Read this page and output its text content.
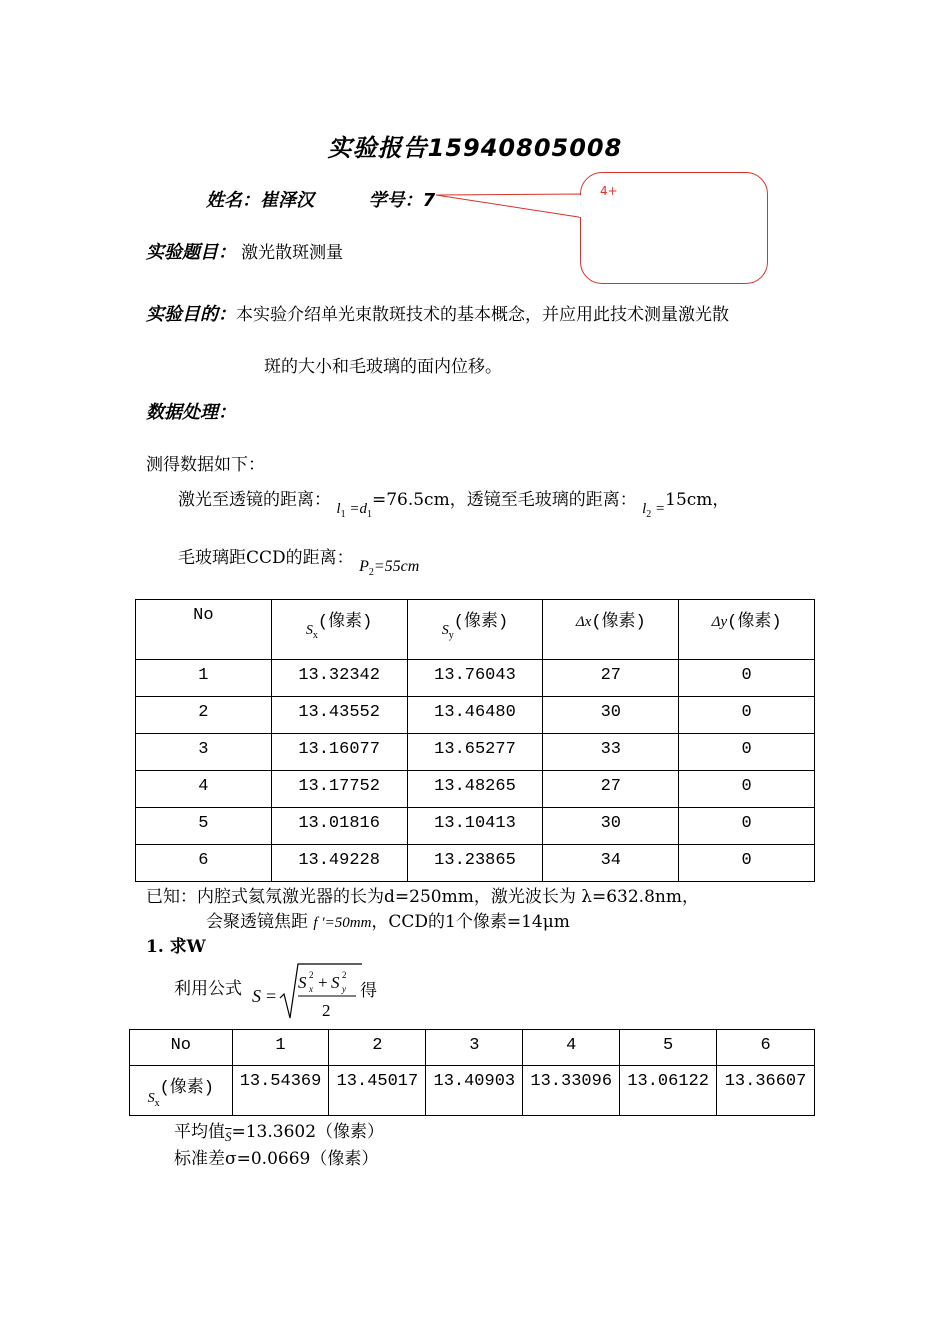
实验报告15940805008
姓名：崔泽汉	学号：7	4+
实验题目： 激光散斑测量
实验目的：本实验介绍单光束散斑技术的基本概念，并应用此技术测量激光散
斑的大小和毛玻璃的面内位移。
数据处理：
测得数据如下：
激光至透镜的距离： $l_1 =d_1=76.5cm$，透镜至毛玻璃的距离： $l_2 =15cm$，
毛玻璃距CCD的距离： $P_2=55cm$
No	$_{S_x}$(像素)	$_{S_y}$(像素)	Δx(像素)	Δy(像素)
1	13.32342	13.76043	27	0
2	13.43552	13.46480	30	0
3	13.16077	13.65277	33	0
4	13.17752	13.48265	27	0
5	13.01816	13.10413	30	0
6	13.49228	13.23865	34	0
已知：内腔式氦氖激光器的长为d=250mm，激光波长为 λ=632.8nm，
会聚透镜焦距 f ′=50mm，CCD的1个像素=14μm
1. 求W
利用公式 S =
S x
2 + S y
2
2
得
No	1	2	3	4	5	6
$_{S_x}$(像素)	13.54369	13.45017	13.40903	13.33096	13.06122	13.36607
平均值$_{\overline{S}}$=13.3602（像素）
标准差σ=0.0669（像素）
